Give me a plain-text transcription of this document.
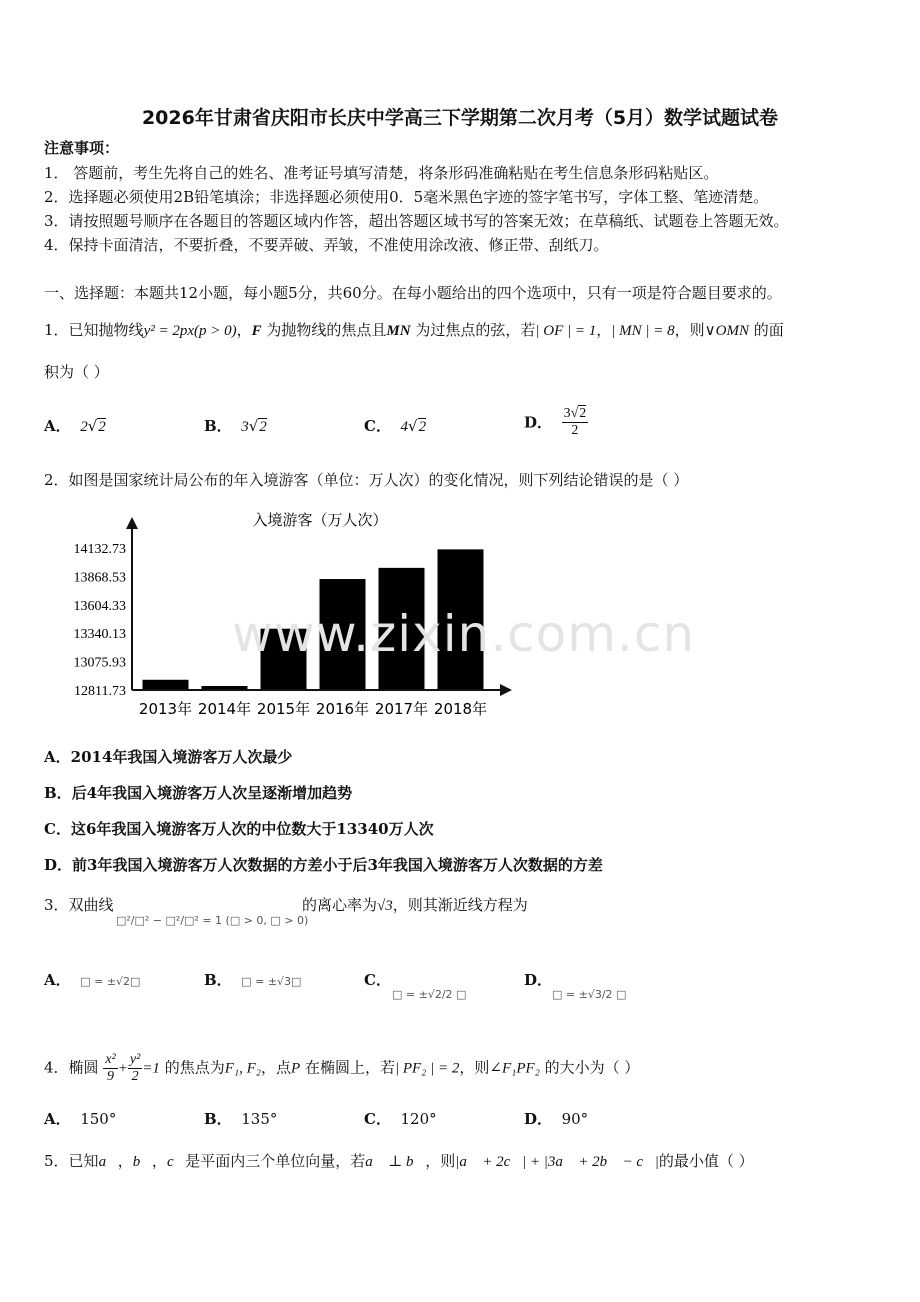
2026年甘肃省庆阳市长庆中学高三下学期第二次月考（5月）数学试题试卷
注意事项：
1． 答题前，考生先将自己的姓名、准考证号填写清楚，将条形码准确粘贴在考生信息条形码粘贴区。
2．选择题必须使用2B铅笔填涂；非选择题必须使用0．5毫米黑色字迹的签字笔书写，字体工整、笔迹清楚。
3．请按照题号顺序在各题目的答题区域内作答，超出答题区域书写的答案无效；在草稿纸、试题卷上答题无效。
4．保持卡面清洁，不要折叠，不要弄破、弄皱，不准使用涂改液、修正带、刮纸刀。
一、选择题：本题共12小题，每小题5分，共60分。在每小题给出的四个选项中，只有一项是符合题目要求的。
1．已知抛物线y² = 2px(p > 0)，F 为抛物线的焦点且MN 为过焦点的弦，若| OF | = 1，| MN | = 8，则∨OMN 的面
积为（ ）
A． 2√2	B． 3√2	C． 4√2	D． $\frac{3√2}{2}$
2．如图是国家统计局公布的年入境游客（单位：万人次）的变化情况，则下列结论错误的是（ ）
入境游客（万人次）
14132.73
13868.53
13604.33
13340.13
13075.93
12811.73
2013年 2014年 2015年 2016年 2017年 2018年
www.zixin.com.cn
A．2014年我国入境游客万人次最少
B．后4年我国入境游客万人次呈逐渐增加趋势
C．这6年我国入境游客万人次的中位数大于13340万人次
D．前3年我国入境游客万人次数据的方差小于后3年我国入境游客万人次数据的方差
3．双曲线
□²/□² − □²/□² = 1 (□ > 0, □ > 0)
的离心率为√3，则其渐近线方程为
A． □ = ±√2□	B． □ = ±√3□	C．
□ = ±√2/2 □
D．
□ = ±√3/2 □
4．椭圆 $\frac{\text{x²}}{9} + \frac{\text{y²}}{2} =1$ 的焦点为F₁, F₂，点P 在椭圆上，若| PF₂ | = 2，则∠F₁PF₂ 的大小为（ ）
A． 150°	B． 135°	C． 120°	D． 90°
5．已知a⃗，b⃗，c⃗是平面内三个单位向量，若a⃗ ⊥ b⃗，则|a⃗ + 2c⃗| + |3a⃗ + 2b⃗ − c⃗|的最小值（ ）
